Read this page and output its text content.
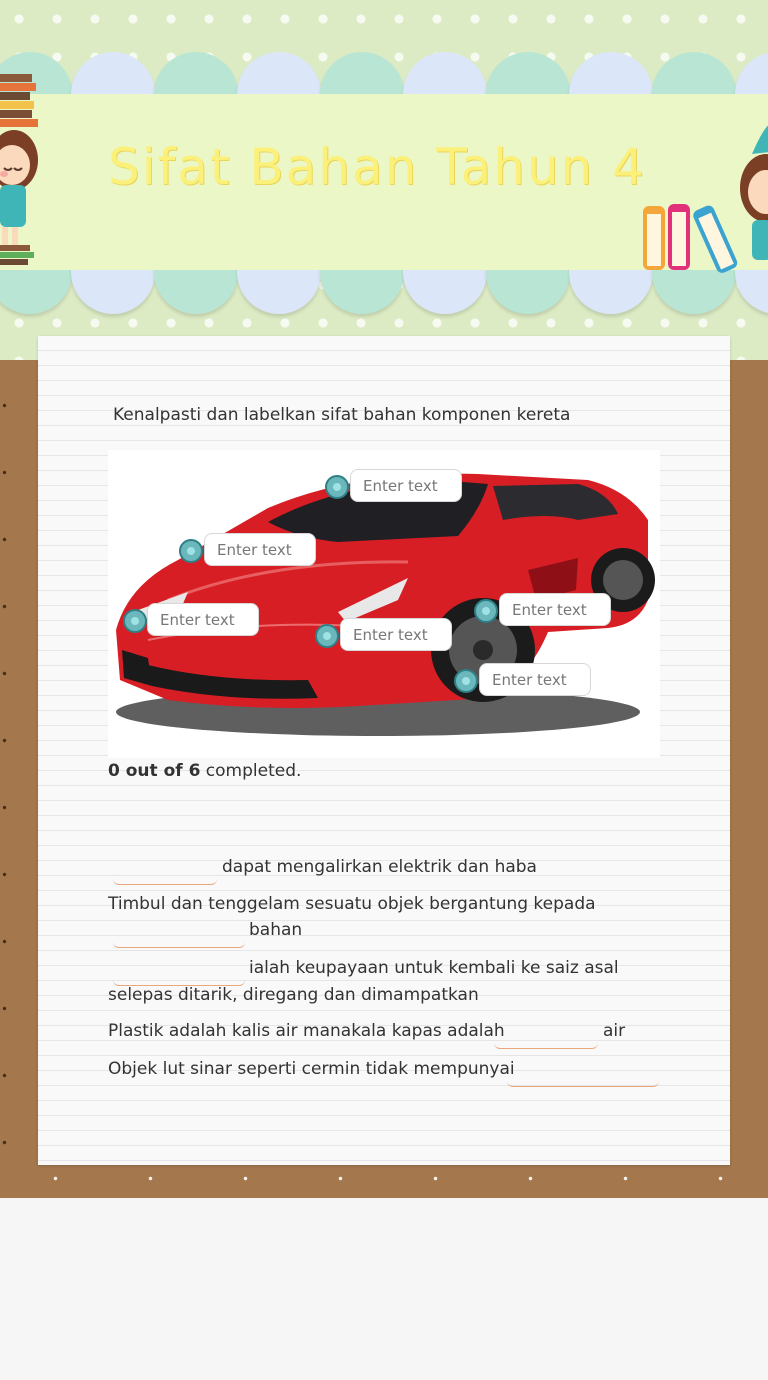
Sifat Bahan Tahun 4
Kenalpasti dan labelkan sifat bahan komponen kereta
Enter text
Enter text
Enter text
Enter text
Enter text
Enter text
0 out of 6 completed.
dapat mengalirkan elektrik dan haba
Timbul dan tenggelam sesuatu objek bergantung kepada
bahan
ialah keupayaan untuk kembali ke saiz asal
selepas ditarik, diregang dan dimampatkan
Plastik adalah kalis air manakala kapas adalah	air
Objek lut sinar seperti cermin tidak mempunyai
